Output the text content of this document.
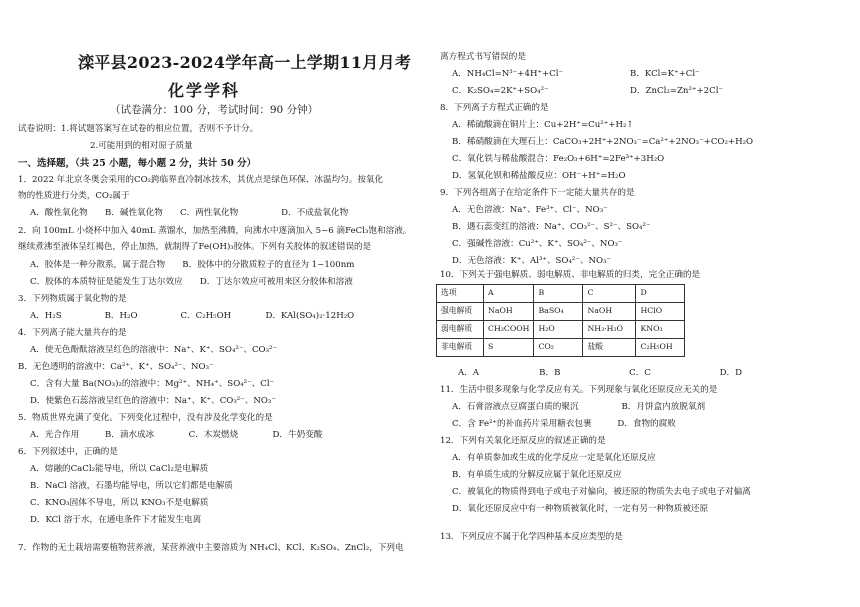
滦平县2023-2024学年高一上学期11月月考
化学学科
（试卷满分：100 分，考试时间：90 分钟）
试卷说明：1.将试题答案写在试卷的相应位置，否则不予计分。
2.可能用到的相对原子质量
一、选择题，（共 25 小题，每小题 2 分，共计 50 分）
1．2022 年北京冬奥会采用的CO₂跨临界直冷制冰技术，其优点是绿色环保、冰温均匀。按氧化
物的性质进行分类，CO₂属于
A．酸性氧化物　　B．碱性氧化物　　C．两性氧化物　　　　　D．不成盐氧化物
2．向 100mL 小烧杯中加入 40mL 蒸馏水，加热至沸腾，向沸水中逐滴加入 5~6 滴FeCl₃饱和溶液。
继续煮沸至液体呈红褐色，停止加热，就制得了Fe(OH)₃胶体。下列有关胶体的叙述错误的是
A．胶体是一种分散系，属于混合物　　B．胶体中的分散质粒子的直径为 1~100nm
C．胶体的本质特征是能发生丁达尔效应　　D．丁达尔效应可被用来区分胶体和溶液
3．下列物质属于氧化物的是
A．H₂S　　　　　B．H₂O　　　　　C．C₂H₅OH　　　　D．KAl(SO₄)₂·12H₂O
4．下列离子能大量共存的是
A．使无色酚酞溶液呈红色的溶液中：Na⁺、K⁺、SO₄²⁻、CO₃²⁻
B．无色透明的溶液中：Ca²⁺、K⁺、SO₄²⁻、NO₃⁻
C．含有大量 Ba(NO₃)₂的溶液中：Mg²⁺、NH₄⁺、SO₄²⁻、Cl⁻
D．使紫色石蕊溶液呈红色的溶液中：Na⁺、K⁺、CO₃²⁻、NO₃⁻
5．物质世界充满了变化。下列变化过程中，没有涉及化学变化的是
A．光合作用　　　B．滴水成冰　　　　C．木炭燃烧　　　　D．牛奶变酸
6．下列叙述中，正确的是
A．熔融的CaCl₂能导电，所以 CaCl₂是电解质
B．NaCl 溶液，石墨均能导电，所以它们都是电解质
C．KNO₃固体不导电，所以 KNO₃不是电解质
D．KCl 溶于水，在通电条件下才能发生电离
7．作物的无土栽培需要植物营养液，某营养液中主要溶质为 NH₄Cl、KCl、K₂SO₄、ZnCl₂，下列电
离方程式书写错误的是
A．NH₄Cl=N³⁻+4H⁺+Cl⁻	B．KCl=K⁺+Cl⁻
C．K₂SO₄=2K⁺+SO₄²⁻	D．ZnCl₂=Zn²⁺+2Cl⁻
8．下列离子方程式正确的是
A．稀硫酸滴在铜片上：Cu+2H⁺=Cu²⁺+H₂↑
B．稀硝酸滴在大理石上：CaCO₃+2H⁺+2NO₃⁻=Ca²⁺+2NO₃⁻+CO₂+H₂O
C．氧化铁与稀盐酸混合：Fe₂O₃+6H⁺=2Fe³⁺+3H₂O
D．氢氧化钡和稀盐酸反应：OH⁻+H⁺=H₂O
9．下列各组离子在给定条件下一定能大量共存的是
A．无色溶液：Na⁺、Fe³⁺、Cl⁻、NO₃⁻
B．遇石蕊变红的溶液：Na⁺、CO₃²⁻、S²⁻、SO₄²⁻
C．强碱性溶液：Cu²⁺、K⁺、SO₄²⁻、NO₃⁻
D．无色溶液：K⁺、Al³⁺、SO₄²⁻、NO₃⁻
10．下列关于强电解质、弱电解质、非电解质的归类，完全正确的是
A．A　　　　　　　B．B　　　　　　　　C．C　　　　　　　　D．D
11．生活中很多现象与化学反应有关。下列现象与氧化还原反应无关的是
A．石膏溶液点豆腐蛋白质的聚沉　　　　　B．月饼盒内放脱氧剂
C．含 Fe²⁺的补血药片采用糖衣包裹　　　D．食物的腐败
12．下列有关氧化还原反应的叙述正确的是
A．有单质参加或生成的化学反应一定是氧化还原反应
B．有单质生成的分解反应属于氧化还原反应
C．被氧化的物质得到电子或电子对偏向，被还原的物质失去电子或电子对偏离
D．氧化还原反应中有一种物质被氧化时，一定有另一种物质被还原
13．下列反应不属于化学四种基本反应类型的是
选项	A	B	C	D
强电解质	NaOH	BaSO₄	NaOH	HClO
弱电解质	CH₃COOH	H₂O	NH₃·H₂O	KNO₃
非电解质	S	CO₂	盐酸	C₂H₅OH
